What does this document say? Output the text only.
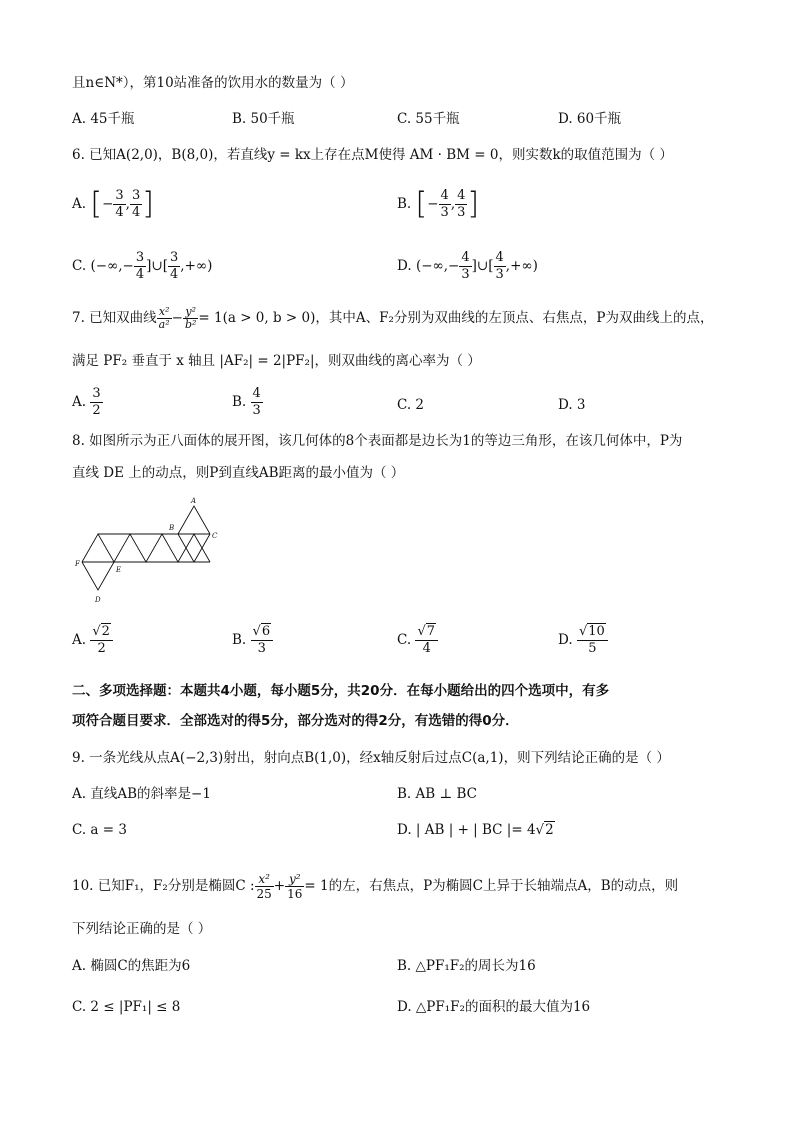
且n∈N*），第10站准备的饮用水的数量为（ ）
A. 45千瓶	B. 50千瓶	C. 55千瓶	D. 60千瓶
6. 已知A(2,0)，B(8,0)，若直线y = kx上存在点M使得 AM · BM = 0，则实数k的取值范围为（ ）
A. [− $\frac{3}{4}$ , $\frac{3}{4}$ ]	B. [− $\frac{4}{3}$ , $\frac{4}{3}$ ]
C. (−∞,− $\frac{3}{4}$ ]∪[ $\frac{3}{4}$ ,+∞)	D. (−∞,− $\frac{4}{3}$ ]∪[ $\frac{4}{3}$ ,+∞)
7. 已知双曲线 $\frac{\text{x²}}{\text{a²}} - \frac{\text{y²}}{\text{b²}} = 1(a > 0$, b > 0)，其中A、F₂分别为双曲线的左顶点、右焦点，P为双曲线上的点，
满足 PF₂ 垂直于 x 轴且 |AF₂| = 2|PF₂|，则双曲线的离心率为（ ）
A. $\frac{3}{2}$	B. $\frac{4}{3}$	C. 2	D. 3
8. 如图所示为正八面体的展开图，该几何体的8个表面都是边长为1的等边三角形，在该几何体中，P为
直线 DE 上的动点，则P到直线AB距离的最小值为（ ）
A
B
C
F
E
D
A. $\frac{√2}{2}$	B. $\frac{√6}{3}$	C. $\frac{√7}{4}$	D. $\frac{√10}{5}$
二、多项选择题：本题共4小题，每小题5分，共20分．在每小题给出的四个选项中，有多
项符合题目要求．全部选对的得5分，部分选对的得2分，有选错的得0分．
9. 一条光线从点A(−2,3)射出，射向点B(1,0)，经x轴反射后过点C(a,1)，则下列结论正确的是（ ）
A. 直线AB的斜率是−1	B. AB ⊥ BC
C. a = 3	D. | AB | + | BC |= 4√2
10. 已知F₁，F₂分别是椭圆C : $\frac{\text{x²}}{25} + \frac{\text{y²}}{16} = 1$的左，右焦点，P为椭圆C上异于长轴端点A，B的动点，则
下列结论正确的是（ ）
A. 椭圆C的焦距为6	B. △PF₁F₂的周长为16
C. 2 ≤ |PF₁| ≤ 8	D. △PF₁F₂的面积的最大值为16
